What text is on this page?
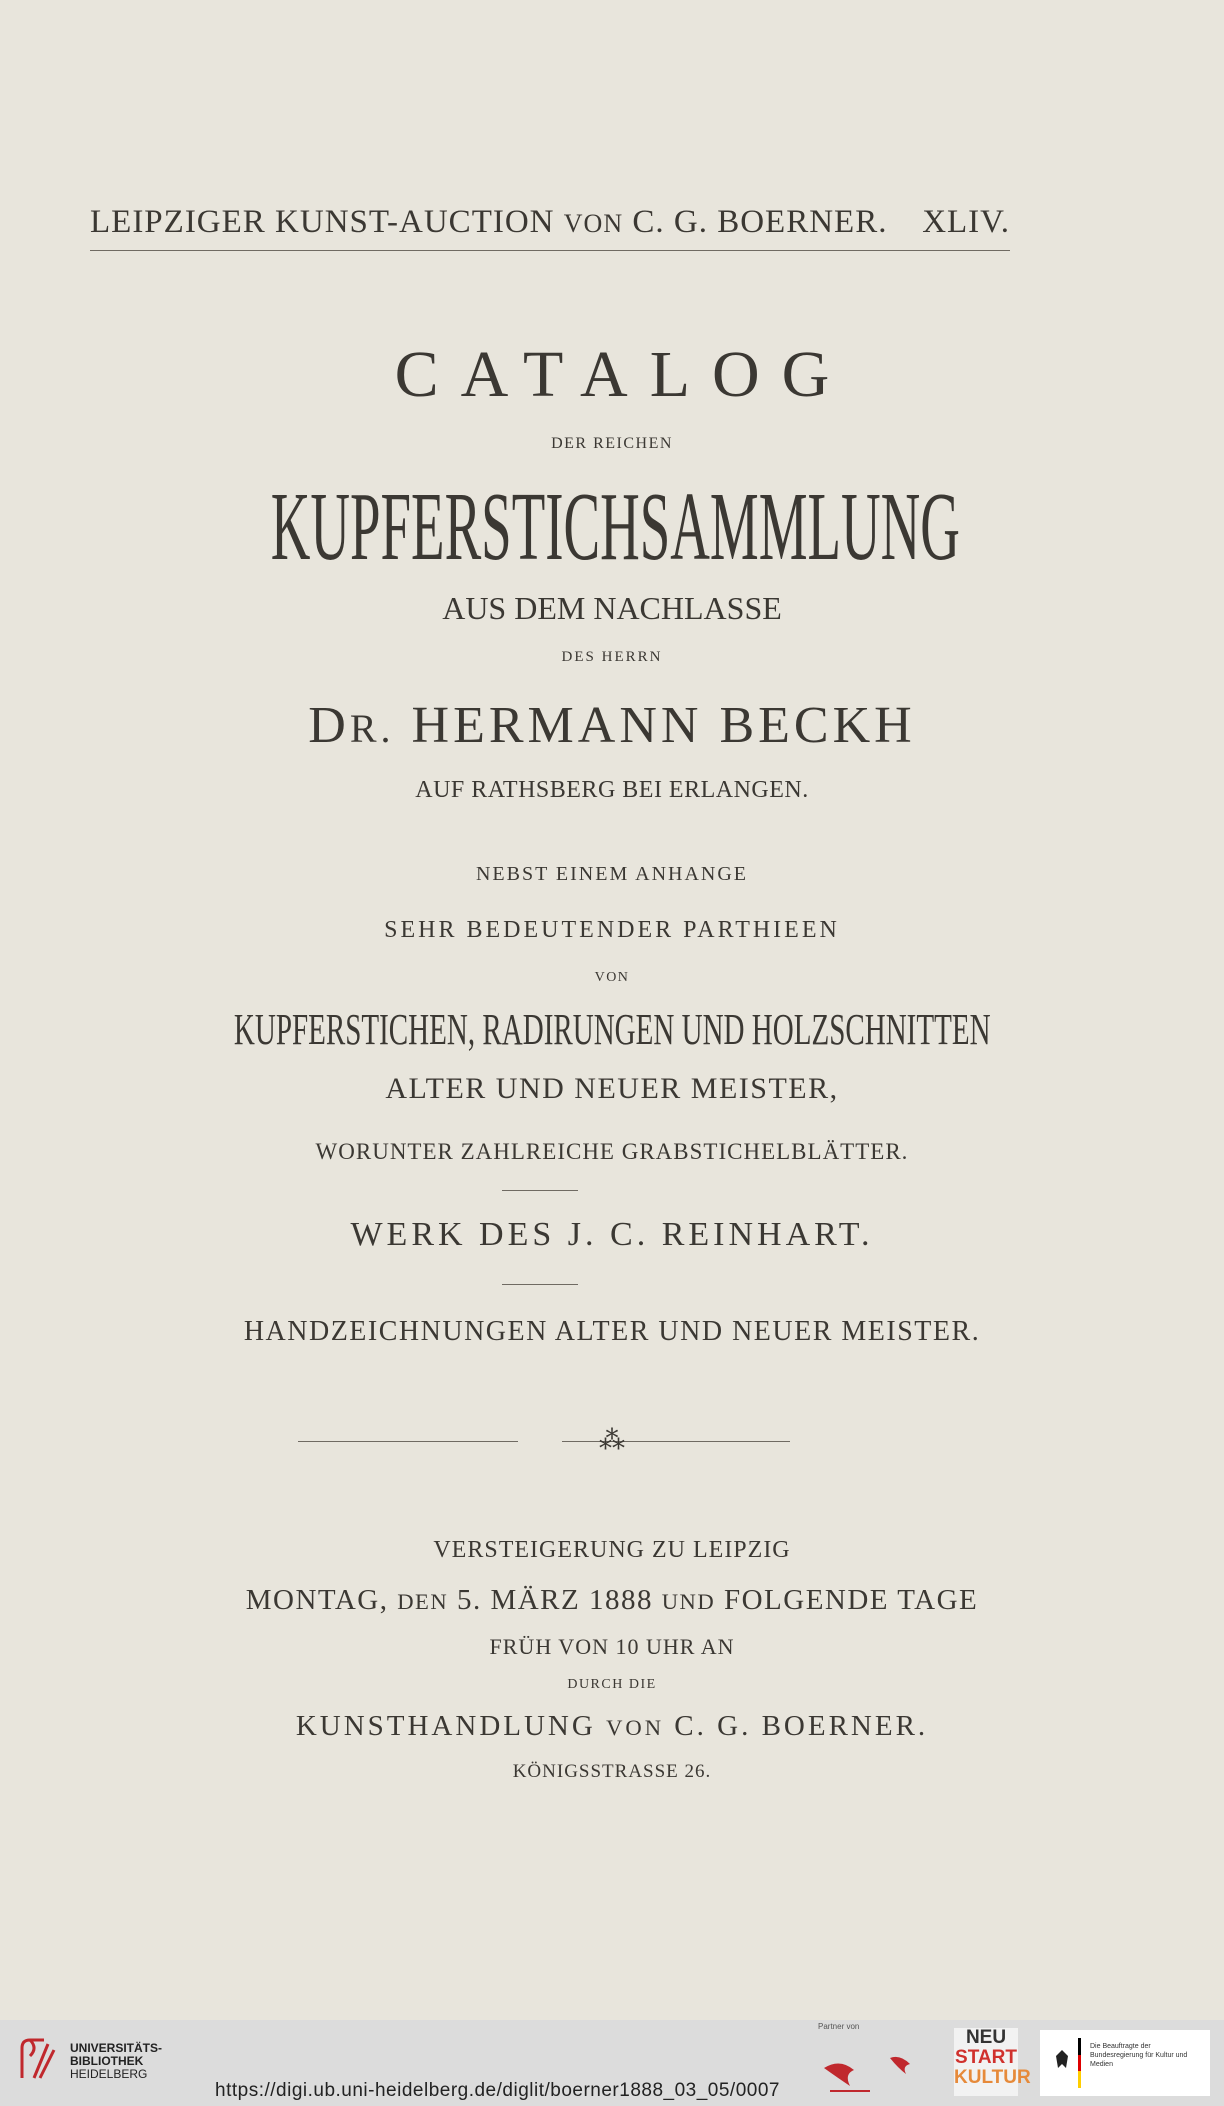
LEIPZIGER KUNST-AUCTION VON C. G. BOERNER. XLIV.
CATALOG
DER REICHEN
KUPFERSTICHSAMMLUNG
AUS DEM NACHLASSE
DES HERRN
DR. HERMANN BECKH
AUF RATHSBERG BEI ERLANGEN.
NEBST EINEM ANHANGE
SEHR BEDEUTENDER PARTHIEEN
VON
KUPFERSTICHEN, RADIRUNGEN UND HOLZSCHNITTEN
ALTER UND NEUER MEISTER,
WORUNTER ZAHLREICHE GRABSTICHELBLÄTTER.
WERK DES J. C. REINHART.
HANDZEICHNUNGEN ALTER UND NEUER MEISTER.
⁂
VERSTEIGERUNG ZU LEIPZIG
MONTAG, DEN 5. MÄRZ 1888 UND FOLGENDE TAGE
FRÜH VON 10 UHR AN
DURCH DIE
KUNSTHANDLUNG VON C. G. BOERNER.
KÖNIGSSTRASSE 26.
UNIVERSITÄTS-
BIBLIOTHEK
HEIDELBERG
https://digi.ub.uni-heidelberg.de/diglit/boerner1888_03_05/0007
Partner von
NEU
START
KULTUR
Die Beauftragte der Bundesregierung für Kultur und Medien
